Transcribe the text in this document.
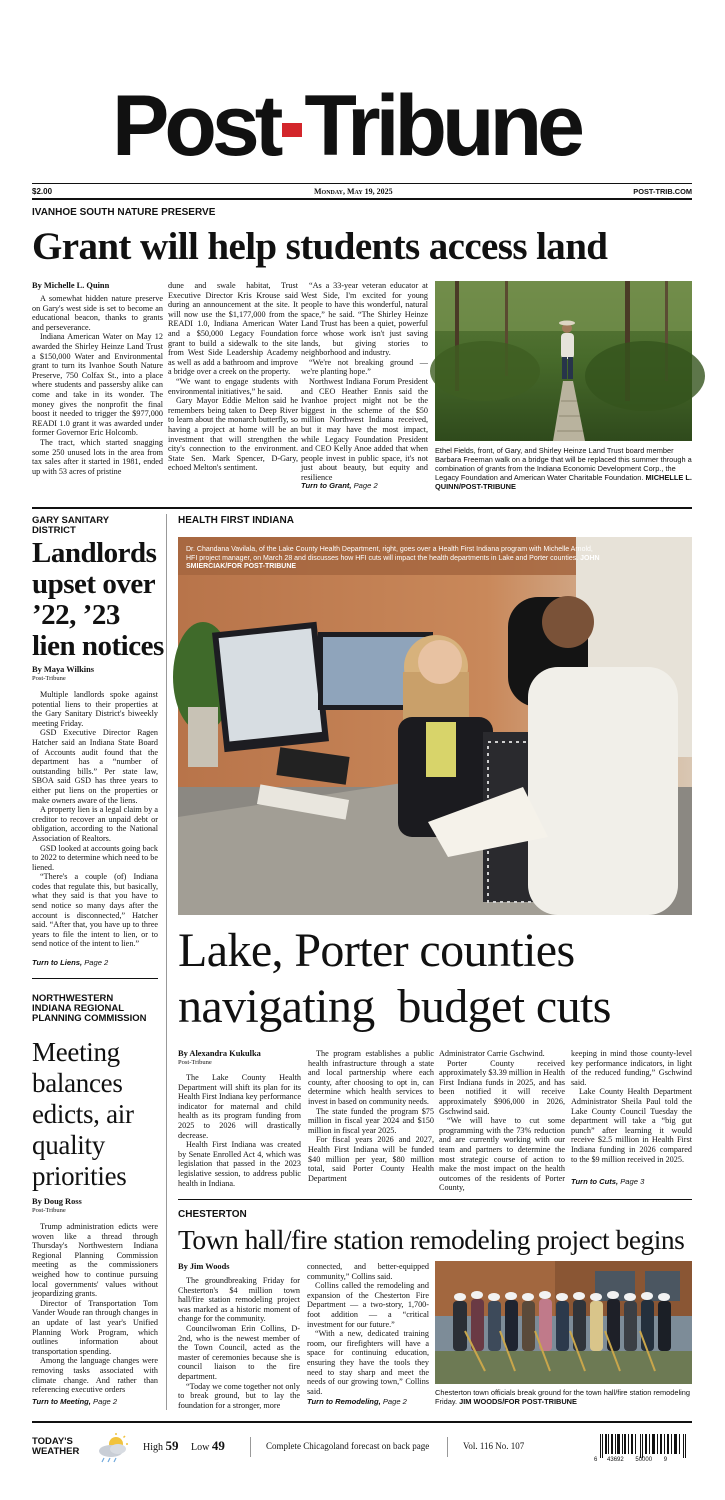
Post Tribune
$2.00	Monday, May 19, 2025	POST-TRIB.COM
IVANHOE SOUTH NATURE PRESERVE
Grant will help students access land
By Michelle L. Quinn

A somewhat hidden nature preserve on Gary's west side is set to become an educational beacon, thanks to grants and perseverance.

Indiana American Water on May 12 awarded the Shirley Heinze Land Trust a $150,000 Water and Environmental grant to turn its Ivanhoe South Nature Preserve, 750 Colfax St., into a place where students and passersby alike can come and take in its wonder. The money gives the nonprofit the final boost it needed to trigger the $977,000 READI 1.0 grant it was awarded under former Governor Eric Holcomb.

The tract, which started snagging some 250 unused lots in the area from tax sales after it started in 1981, ended up with 53 acres of pristine

dune and swale habitat, Trust Executive Director Kris Krouse said during an announcement at the site. It will now use the $1,177,000 from the READI 1.0, Indiana American Water and a $50,000 Legacy Foundation grant to build a sidewalk to the site from West Side Leadership Academy as well as add a bathroom and improve a bridge over a creek on the property.

“We want to engage students with environmental initiatives,” he said.

Gary Mayor Eddie Melton said he remembers being taken to Deep River to learn about the monarch butterfly, so having a project at home will be an investment that will strengthen the city's connection to the environment. State Sen. Mark Spencer, D-Gary, echoed Melton's sentiment.

“As a 33-year veteran educator at West Side, I'm excited for young people to have this wonderful, natural space,” he said. “The Shirley Heinze Land Trust has been a quiet, powerful force whose work isn't just saving lands, but giving stories to neighborhood and industry.

“We're not breaking ground — we're planting hope.”

Northwest Indiana Forum President and CEO Heather Ennis said the Ivanhoe project might not be the biggest in the scheme of the $50 million Northwest Indiana received, but it may have the most impact, while Legacy Foundation President and CEO Kelly Anoe added that when people invest in public space, it's not just about beauty, but equity and resilience

Turn to Grant, Page 2
Ethel Fields, front, of Gary, and Shirley Heinze Land Trust board member Barbara Freeman walk on a bridge that will be replaced this summer through a combination of grants from the Indiana Economic Development Corp., the Legacy Foundation and American Water Charitable Foundation. MICHELLE L. QUINN/POST-TRIBUNE
GARY SANITARY DISTRICT
Landlords upset over ’22, ’23 lien notices
By Maya Wilkins
Post-Tribune

Multiple landlords spoke against potential liens to their properties at the Gary Sanitary District's biweekly meeting Friday.

GSD Executive Director Ragen Hatcher said an Indiana State Board of Accounts audit found that the department has a “number of outstanding bills.” Per state law, SBOA said GSD has three years to either put liens on the properties or make owners aware of the liens.

A property lien is a legal claim by a creditor to recover an unpaid debt or obligation, according to the National Association of Realtors.

GSD looked at accounts going back to 2022 to determine which need to be liened.

“There's a couple (of) Indiana codes that regulate this, but basically, what they said is that you have to send notice so many days after the account is disconnected,” Hatcher said. “After that, you have up to three years to file the intent to lien, or to send notice of the intent to lien.”

Turn to Liens, Page 2
NORTHWESTERN INDIANA REGIONAL PLANNING COMMISSION
Meeting balances edicts, air quality priorities
By Doug Ross
Post-Tribune

Trump administration edicts were woven like a thread through Thursday's Northwestern Indiana Regional Planning Commission meeting as the commissioners weighed how to continue pursuing local governments' values without jeopardizing grants.

Director of Transportation Tom Vander Woude ran through changes in an update of last year's Unified Planning Work Program, which outlines information about transportation spending.

Among the language changes were removing tasks associated with climate change. And rather than referencing executive orders

Turn to Meeting, Page 2
HEALTH FIRST INDIANA
Dr. Chandana Vavilala, of the Lake County Health Department, right, goes over a Health First Indiana program with Michelle Arnold, HFI project manager, on March 28 and discusses how HFI cuts will impact the health departments in Lake and Porter counties. JOHN SMIERCIAK/FOR POST-TRIBUNE
Lake, Porter counties
navigating  budget cuts
By Alexandra Kukulka
Post-Tribune

The Lake County Health Department will shift its plan for its Health First Indiana key performance indicator for maternal and child health as its program funding from 2025 to 2026 will drastically decrease.

Health First Indiana was created by Senate Enrolled Act 4, which was legislation that passed in the 2023 legislative session, to address public health in Indiana.

The program establishes a public health infrastructure through a state and local partnership where each county, after choosing to opt in, can determine which health services to invest in based on community needs.

The state funded the program $75 million in fiscal year 2024 and $150 million in fiscal year 2025.

For fiscal years 2026 and 2027, Health First Indiana will be funded $40 million per year, $80 million total, said Porter County Health Department

Administrator Carrie Gschwind.

Porter County received approximately $3.39 million in Health First Indiana funds in 2025, and has been notified it will receive approximately $906,000 in 2026, Gschwind said.

“We will have to cut some programming with the 73% reduction and are currently working with our team and partners to determine the most strategic course of action to make the most impact on the health outcomes of the residents of Porter County,

keeping in mind those county-level key performance indicators, in light of the reduced funding,” Gschwind said.

Lake County Health Department Administrator Sheila Paul told the Lake County Council Tuesday the department will take a “big gut punch” after learning it would receive $2.5 million in Health First Indiana funding in 2026 compared to the $9 million received in 2025.

Turn to Cuts, Page 3
CHESTERTON
Town hall/fire station remodeling project begins
By Jim Woods

The groundbreaking Friday for Chesterton's $4 million town hall/fire station remodeling project was marked as a historic moment of change for the community.

Councilwoman Erin Collins, D-2nd, who is the newest member of the Town Council, acted as the master of ceremonies because she is council liaison to the fire department.

“Today we come together not only to break ground, but to lay the foundation for a stronger, more

connected, and better-equipped community,” Collins said.

Collins called the remodeling and expansion of the Chesterton Fire Department — a two-story, 1,700-foot addition — a “critical investment for our future.”

“With a new, dedicated training room, our firefighters will have a space for continuing education, ensuring they have the tools they need to stay sharp and meet the needs of our growing town,” Collins said.

Turn to Remodeling, Page 2
Chesterton town officials break ground for the town hall/fire station remodeling Friday. JIM WOODS/FOR POST-TRIBUNE
TODAY'S
WEATHER	High 59 Low 49	Complete Chicagoland forecast on back page	Vol. 116 No. 107
6 43692 50000 9
